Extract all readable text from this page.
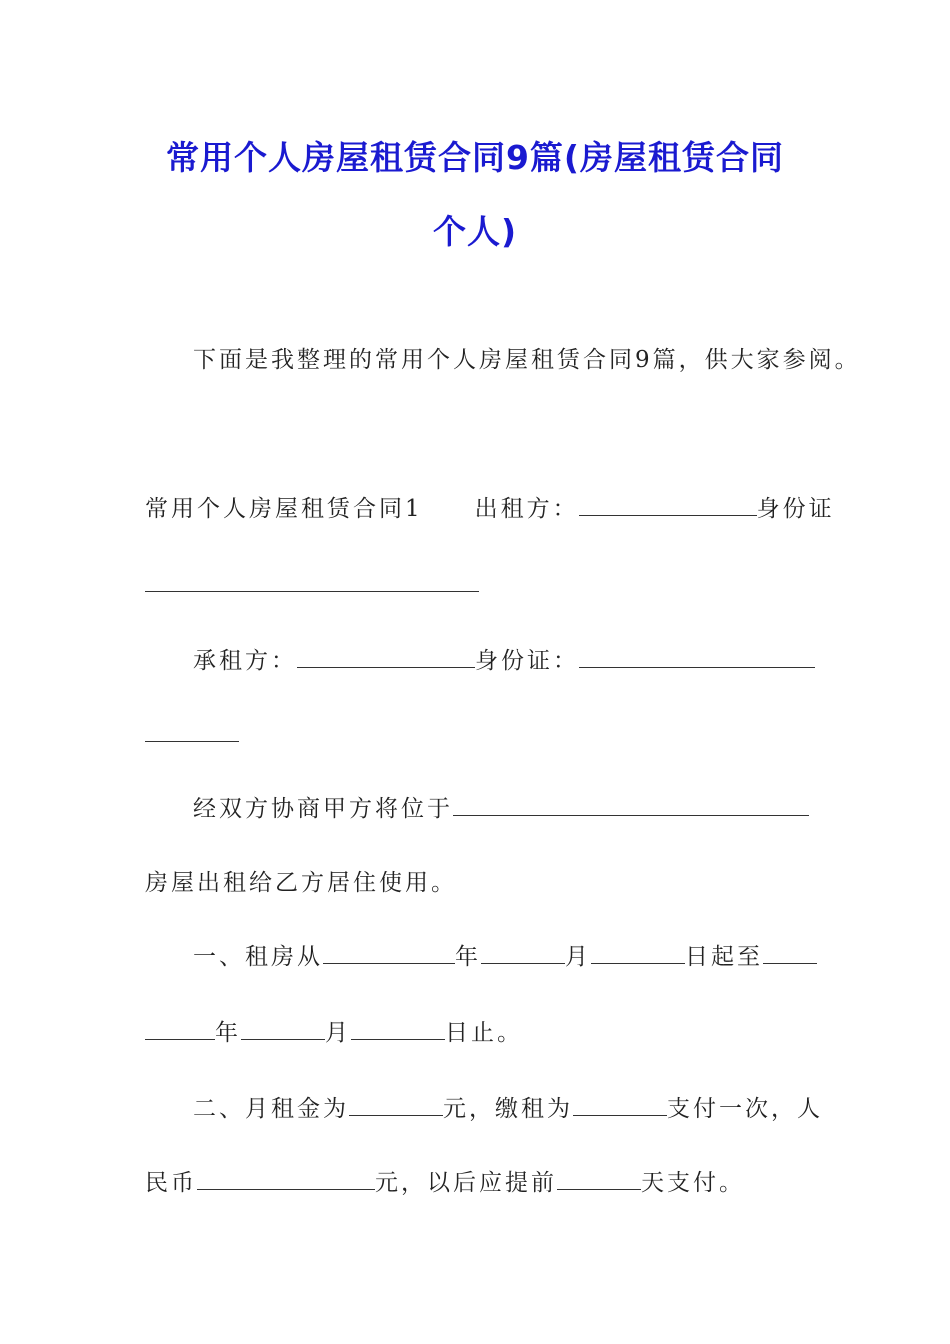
常用个人房屋租赁合同9篇(房屋租赁合同
个人)
下面是我整理的常用个人房屋租赁合同9篇，供大家参阅。
常用个人房屋租赁合同1 出租方：	身份证
承租方：	身份证：
经双方协商甲方将位于
房屋出租给乙方居住使用。
一、租房从	年	月	日起至
年	月	日止。
二、月租金为	元，缴租为	支付一次，人
民币	元，以后应提前	天支付。
